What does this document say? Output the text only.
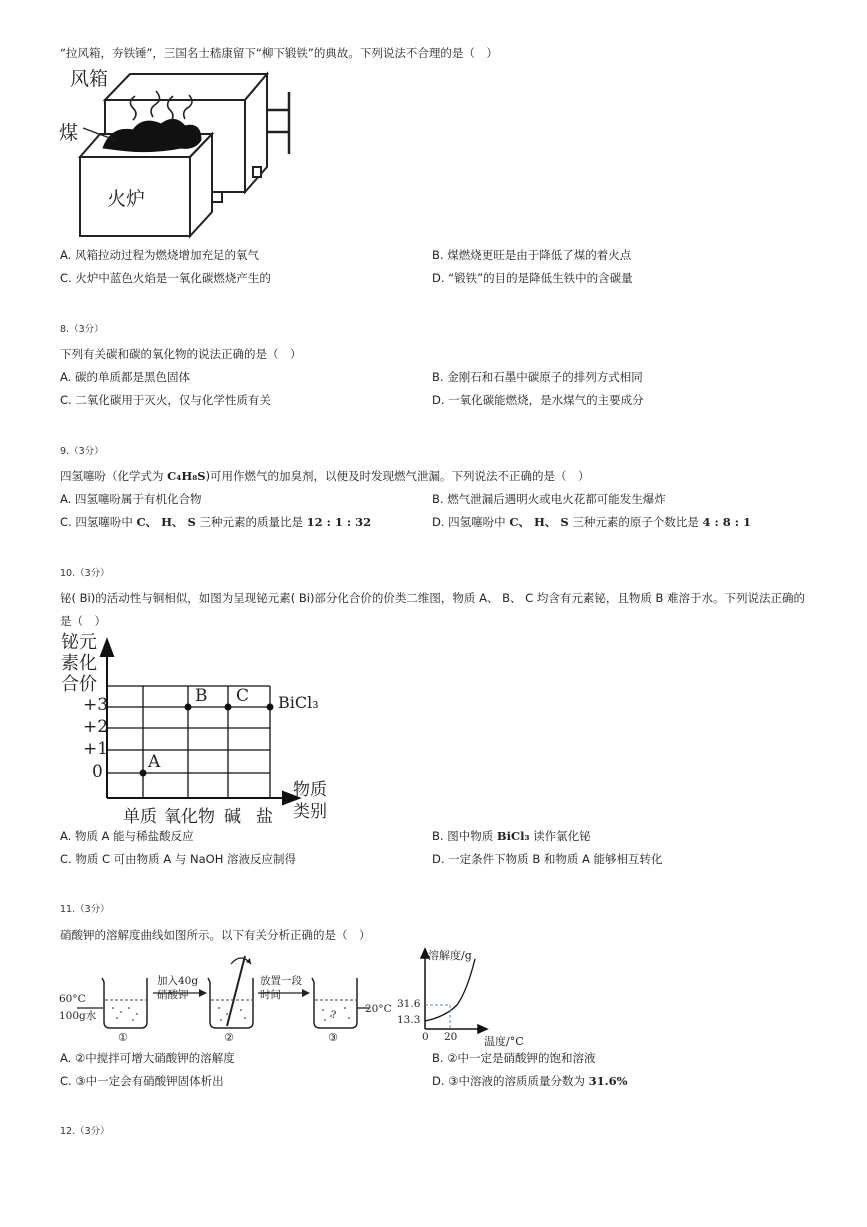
“拉风箱，夯铁锤”，三国名士嵇康留下“柳下锻铁”的典故。下列说法不合理的是（　）
风箱
煤
火炉
A. 风箱拉动过程为燃烧增加充足的氧气	B. 煤燃烧更旺是由于降低了煤的着火点
C. 火炉中蓝色火焰是一氧化碳燃烧产生的	D. “锻铁”的目的是降低生铁中的含碳量
8.（3分）
下列有关碳和碳的氧化物的说法正确的是（　）
A. 碳的单质都是黑色固体	B. 金刚石和石墨中碳原子的排列方式相同
C. 二氧化碳用于灭火，仅与化学性质有关	D. 一氧化碳能燃烧，是水煤气的主要成分
9.（3分）
四氢噻吩（化学式为 C₄H₈S)可用作燃气的加臭剂，以便及时发现燃气泄漏。下列说法不正确的是（　）
A. 四氢噻吩属于有机化合物	B. 燃气泄漏后遇明火或电火花都可能发生爆炸
C. 四氢噻吩中 C、 H、 S 三种元素的质量比是 12 : 1 : 32	D. 四氢噻吩中 C、 H、 S 三种元素的原子个数比是 4 : 8 : 1
10.（3分）
铋( Bi)的活动性与铜相似，如图为呈现铋元素( Bi)部分化合价的价类二维图，物质 A、 B、 C 均含有元素铋，且物质 B 难溶于水。下列说法正确的
是（　）
铋元
素化
合价
+3
+2
+1
0	A
B C BiCl₃
单质 氧化物 碱 盐
物质
类别
A. 物质 A 能与稀盐酸反应	B. 图中物质 BiCl₃ 读作氯化铋
C. 物质 C 可由物质 A 与 NaOH 溶液反应制得	D. 一定条件下物质 B 和物质 A 能够相互转化
11.（3分）
硝酸钾的溶解度曲线如图所示。以下有关分析正确的是（　）
60°C
100g水
加入40g
硝酸钾
放置一段
时间
20°C
?
①	②	③
溶解度/g
31.6
13.3
0 20 温度/°C
A. ②中搅拌可增大硝酸钾的溶解度	B. ②中一定是硝酸钾的饱和溶液
C. ③中一定会有硝酸钾固体析出	D. ③中溶液的溶质质量分数为 31.6%
12.（3分）
